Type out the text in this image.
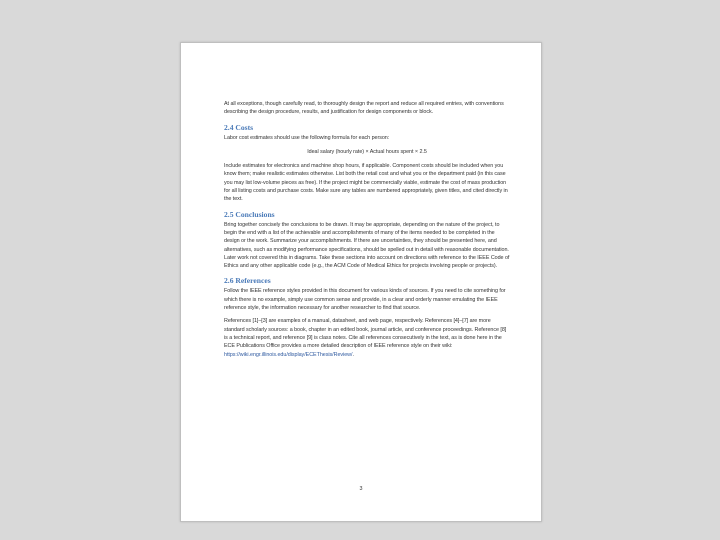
At all exceptions, though carefully read, to thoroughly design the report and reduce all required entries, with conventions describing the design procedure, results, and justification for design components or block.

2.4 Costs

Labor cost estimates should use the following formula for each person:

Ideal salary (hourly rate) × Actual hours spent × 2.5

Include estimates for electronics and machine shop hours, if applicable. Component costs should be included when you know them; make realistic estimates otherwise. List both the retail cost and what you or the department paid (in this case you may list low-volume pieces as free). If the project might be commercially viable, estimate the cost of mass production for all listing costs and purchase costs. Make sure any tables are numbered appropriately, given titles, and cited directly in the text.

2.5 Conclusions

Bring together concisely the conclusions to be drawn. It may be appropriate, depending on the nature of the project, to begin the end with a list of the achievable and accomplishments of many of the items needed to be completed in the design or the work. Summarize your accomplishments. If there are uncertainties, they should be presented here, and alternatives, such as modifying performance specifications, should be spelled out in detail with reasonable documentation. Later work not covered this in diagrams. Take these sections into account on directions with reference to the IEEE Code of Ethics and any other applicable code (e.g., the ACM Code of Medical Ethics for projects involving people or projects).

2.6 References

Follow the IEEE reference styles provided in this document for various kinds of sources. If you need to cite something for which there is no example, simply use common sense and provide, in a clear and orderly manner emulating the IEEE reference style, the information necessary for another researcher to find that source.

References [1]–[3] are examples of a manual, datasheet, and web page, respectively. References [4]–[7] are more standard scholarly sources: a book, chapter in an edited book, journal article, and conference proceedings. Reference [8] is a technical report, and reference [9] is class notes. Cite all references consecutively in the text, as is done here in the ECE Publications Office provides a more detailed description of IEEE reference style on their wiki: https://wiki.engr.illinois.edu/display/ECEThesis/Review/.

3
